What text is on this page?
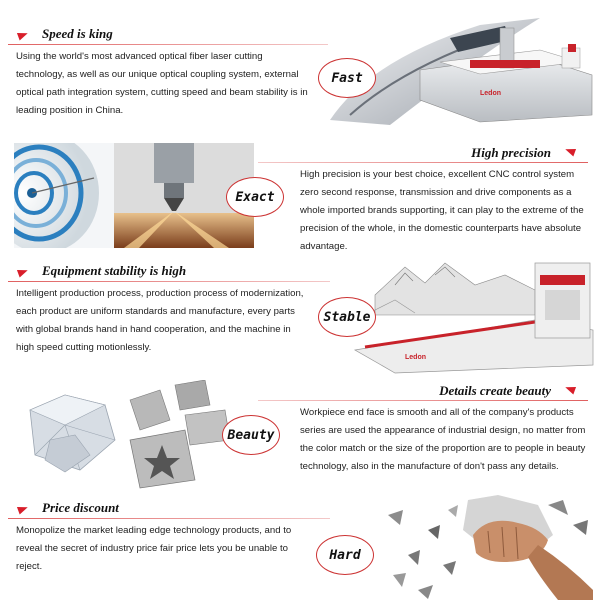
Speed is king
Using the world's most advanced optical fiber laser cutting technology, as well as our unique optical coupling system, external optical path integration system, cutting speed and beam stability is in leading position in China.
Fast
Ledon
High precision
High precision is your best choice, excellent CNC control system zero second response, transmission and drive components as a whole imported brands supporting, it can play to the extreme of the precision of the whole, in the domestic counterparts have absolute advantage.
Exact
Equipment stability is high
Intelligent production process, production process of modernization, each product are uniform standards and manufacture, every parts with global brands hand in hand cooperation, and the machine in high speed cutting motionlessly.
Stable
Ledon
Details create beauty
Workpiece end face is smooth and all of the company's products series are used the appearance of industrial design, no matter from the color match or the size of the proportion are to people in beauty technology, also in the manufacture of don't pass any details.
Beauty
Price discount
Monopolize the market leading edge technology products, and to reveal the secret of industry price fair price lets you be unable to reject.
Hard
